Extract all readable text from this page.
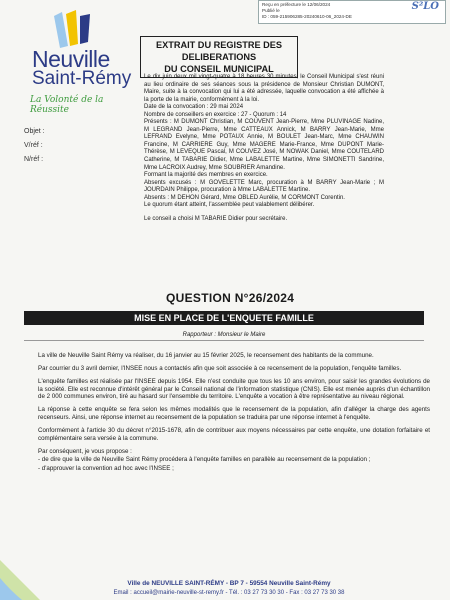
Reçu en préfecture le 12/06/2024
Publié le
ID : 059-215906285-20240610-06_2024-DE
S²LO
Neuville
Saint-Rémy
La Volonté de la Réussite
Objet :
V/réf :
N/réf :
EXTRAIT DU REGISTRE DES DELIBERATIONS
DU CONSEIL MUNICIPAL

Le dix juin deux mil vingt-quatre à 18 heures 30 minutes, le Conseil Municipal s'est réuni au lieu ordinaire de ses séances sous la présidence de Monsieur Christian DUMONT, Maire, suite à la convocation qui lui a été adressée, laquelle convocation a été affichée à la porte de la mairie, conformément à la loi.

Date de la convocation : 29 mai 2024

Nombre de conseillers en exercice : 27 - Quorum : 14

Présents : M DUMONT Christian, M COUVENT Jean-Pierre, Mme PLUVINAGE Nadine, M LEGRAND Jean-Pierre, Mme CATTEAUX Annick, M BARRY Jean-Marie, Mme LEFRAND Evelyne, Mme POTAUX Annie, M BOULET Jean-Marc, Mme CHAUWIN Francine, M CARRIERE Guy, Mme MAGERE Marie-France, Mme DUPONT Marie-Thérèse, M LEVEQUE Pascal, M COUVEZ José, M NOWAK Daniel, Mme COUTELARD Catherine, M TABARIE Didier, Mme LABALETTE Martine, Mme SIMONETTI Sandrine, Mme LACROIX Audrey, Mme SOUBRIER Amandine.

Formant la majorité des membres en exercice.

Absents excusés : M GOVELETTE Marc, procuration à M BARRY Jean-Marie ; M JOURDAIN Philippe, procuration à Mme LABALETTE Martine.

Absents : M DEHON Gérard, Mme OBLED Aurélie, M CORMONT Corentin.

Le quorum étant atteint, l'assemblée peut valablement délibérer.

Le conseil a choisi M TABARIE Didier pour secrétaire.

QUESTION N°26/2024
MISE EN PLACE DE L'ENQUETE FAMILLE
Rapporteur : Monsieur le Maire

La ville de Neuville Saint Rémy va réaliser, du 16 janvier au 15 février 2025, le recensement des habitants de la commune.

Par courrier du 3 avril dernier, l'INSEE nous a contactés afin que soit associée à ce recensement de la population, l'enquête familles.

L'enquête familles est réalisée par l'INSEE depuis 1954. Elle n'est conduite que tous les 10 ans environ, pour saisir les grandes évolutions de la société. Elle est reconnue d'intérêt général par le Conseil national de l'information statistique (CNIS). Elle est menée auprès d'un échantillon de 2 000 communes environ, tiré au hasard sur l'ensemble du territoire. L'enquête a vocation à être représentative au niveau régional.

La réponse à cette enquête se fera selon les mêmes modalités que le recensement de la population, afin d'alléger la charge des agents recenseurs. Ainsi, une réponse internet au recensement de la population se traduira par une réponse internet à l'enquête.

Conformément à l'article 30 du décret n°2015-1678, afin de contribuer aux moyens nécessaires par cette enquête, une dotation forfaitaire et complémentaire sera versée à la commune.

Par conséquent, je vous propose :

- de dire que la ville de Neuville Saint Rémy procédera à l'enquête familles en parallèle au recensement de la population ;

- d'approuver la convention ad hoc avec l'INSEE ;

Ville de NEUVILLE SAINT-RÉMY - BP 7 - 59554 Neuville Saint-Rémy
Email : accueil@mairie-neuville-st-remy.fr - Tél. : 03 27 73 30 30 - Fax : 03 27 73 30 38
